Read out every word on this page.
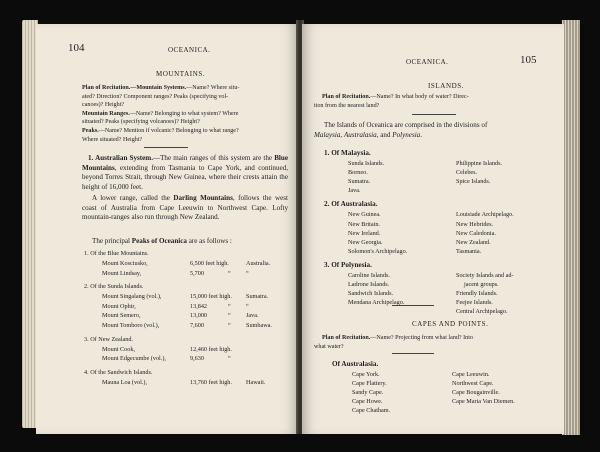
104	OCEANICA.
MOUNTAINS.
Plan of Recitation.—Mountain Systems.—Name? Where situ-
ated? Direction? Component ranges? Peaks (specifying vol-
canoes)? Height?
Mountain Ranges.—Name? Belonging to what system? Where
situated? Peaks (specifying volcanoes)? Height?
Peaks.—Name? Mention if volcanic? Belonging to what range?
Where situated? Height?
1. Australian System.—The main ranges of this system are the Blue Mountains, extending from Tasmania to Cape York, and continued, beyond Torres Strait, through New Guinea, where their crests attain the height of 16,000 feet.
A lower range, called the Darling Mountains, follows the west coast of Australia from Cape Leeuwin to Northwest Cape. Lofty mountain-ranges also run through New Zealand.
The principal Peaks of Oceanica are as follows :
1. Of the Blue Mountains.
Mount Kosciusko,	6,500 feet high.	Australia.
Mount Lindsay,	5,700	“ “
2. Of the Sunda Islands.
Mount Singalang (vol.),	15,000 feet high. Sumatra.
Mount Ophir,	13,842	“ “
Mount Semero,	13,000	“ Java.
Mount Tomboro (vol.),	7,600	“ Sumbawa.
3. Of New Zealand.
Mount Cook,	12,460 feet high.
Mount Edgecumbe (vol.),	9,630	“
4. Of the Sandwich Islands.
Mauna Loa (vol.),	13,760 feet high. Hawaii.
OCEANICA.	105
ISLANDS.
Plan of Recitation.—Name? In what body of water? Direc-
tion from the nearest land?
The Islands of Oceanica are comprised in the divisions of
Malaysia, Australasia, and Polynesia.
1. Of Malaysia.
Sunda Islands.	Philippine Islands.
Borneo.	Celebes.
Sumatra.	Spice Islands.
Java.
2. Of Australasia.
New Guinea.	Louisiade Archipelago.
New Britain.	New Hebrides.
New Ireland.	New Caledonia.
New Georgia.	New Zealand.
Solomon's Archipelago.	Tasmania.
3. Of Polynesia.
Caroline Islands.	Society Islands and ad-
Ladrone Islands.	jacent groups.
Sandwich Islands.	Friendly Islands.
Mendana Archipelago.	Feejee Islands.
Central Archipelago.
CAPES AND POINTS.
Plan of Recitation.—Name? Projecting from what land? Into
what water?
Of Australasia.
Cape York.	Cape Leeuwin.
Cape Flattery.	Northwest Cape.
Sandy Cape.	Cape Bougainville.
Cape Howe.	Cape Maria Van Diemen.
Cape Chatham.
